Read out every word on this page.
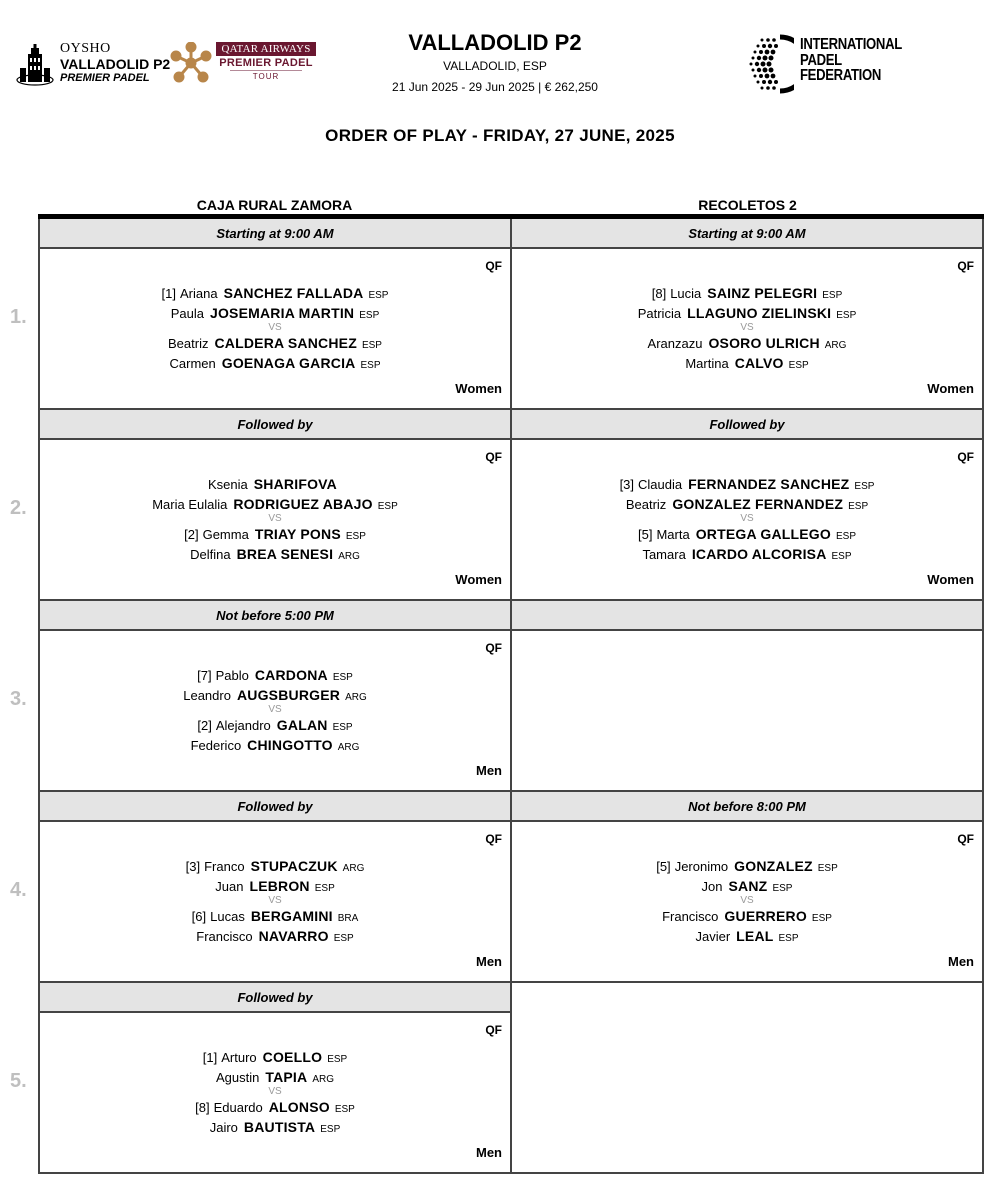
OYSHO
VALLADOLID P2
PREMIER PADEL
QATAR AIRWAYS
PREMIER PADEL
TOUR
VALLADOLID P2
VALLADOLID, ESP
21 Jun 2025 - 29 Jun 2025 | € 262,250
INTERNATIONAL
PADEL
FEDERATION
ORDER OF PLAY - FRIDAY, 27 JUNE, 2025
CAJA RURAL ZAMORA	RECOLETOS 2
Starting at 9:00 AM
QF
[1] Ariana SANCHEZ FALLADA ESP
Paula JOSEMARIA MARTIN ESP
VS
Beatriz CALDERA SANCHEZ ESP
Carmen GOENAGA GARCIA ESP
Women
Starting at 9:00 AM
QF
[8] Lucia SAINZ PELEGRI ESP
Patricia LLAGUNO ZIELINSKI ESP
VS
Aranzazu OSORO ULRICH ARG
Martina CALVO ESP
Women
Followed by
QF
Ksenia SHARIFOVA
Maria Eulalia RODRIGUEZ ABAJO ESP
VS
[2] Gemma TRIAY PONS ESP
Delfina BREA SENESI ARG
Women
Followed by
QF
[3] Claudia FERNANDEZ SANCHEZ ESP
Beatriz GONZALEZ FERNANDEZ ESP
VS
[5] Marta ORTEGA GALLEGO ESP
Tamara ICARDO ALCORISA ESP
Women
Not before 5:00 PM
QF
[7] Pablo CARDONA ESP
Leandro AUGSBURGER ARG
VS
[2] Alejandro GALAN ESP
Federico CHINGOTTO ARG
Men
Followed by
QF
[3] Franco STUPACZUK ARG
Juan LEBRON ESP
VS
[6] Lucas BERGAMINI BRA
Francisco NAVARRO ESP
Men
Not before 8:00 PM
QF
[5] Jeronimo GONZALEZ ESP
Jon SANZ ESP
VS
Francisco GUERRERO ESP
Javier LEAL ESP
Men
Followed by
QF
[1] Arturo COELLO ESP
Agustin TAPIA ARG
VS
[8] Eduardo ALONSO ESP
Jairo BAUTISTA ESP
Men
1.
2.
3.
4.
5.
